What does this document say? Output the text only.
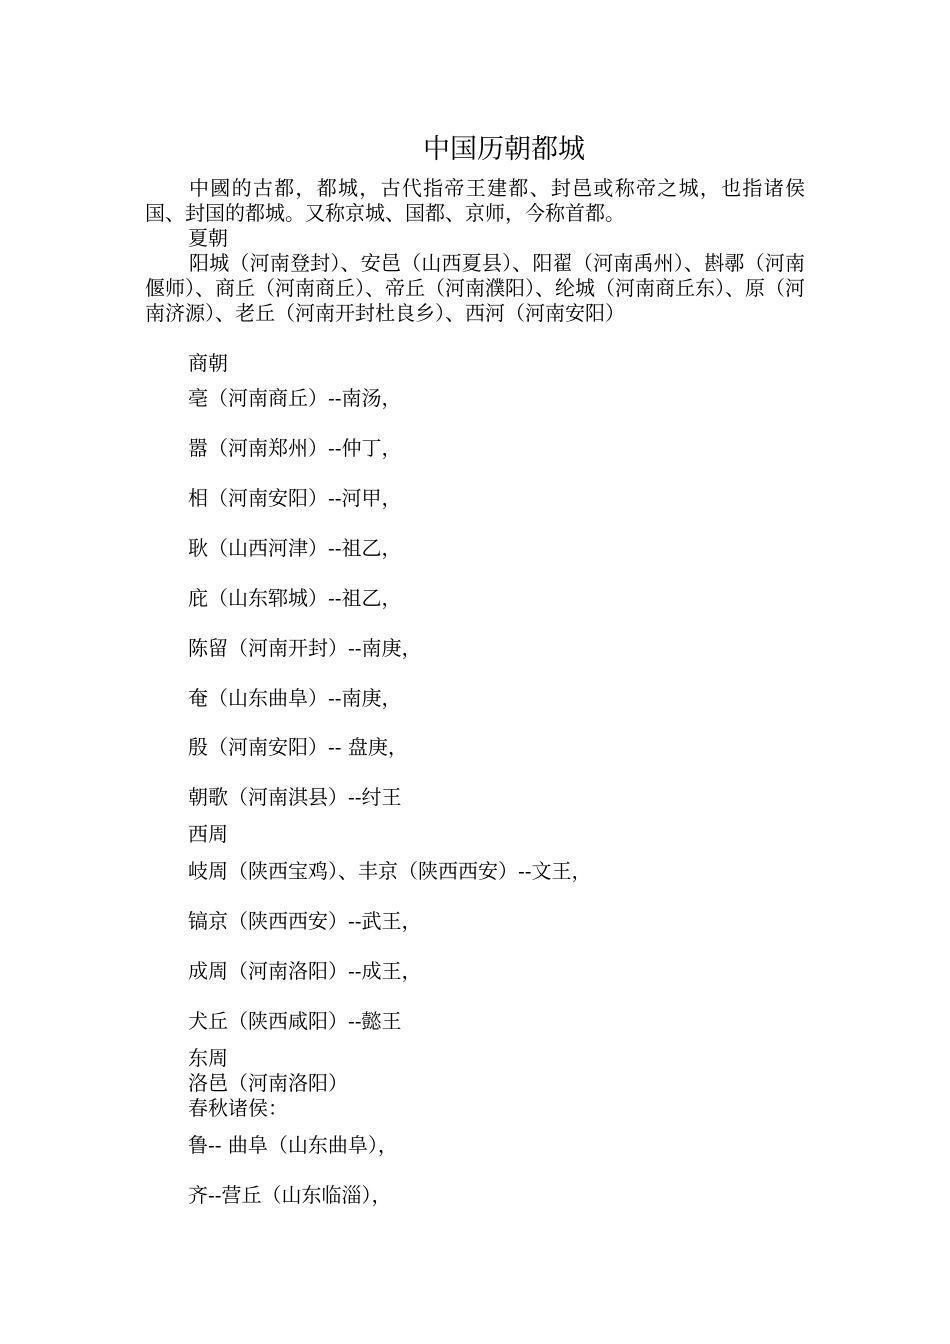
中国历朝都城

中國的古都，都城，古代指帝王建都、封邑或称帝之城，也指诸侯国、封国的都城。又称京城、国都、京师，今称首都。

夏朝

阳城（河南登封）、安邑（山西夏县）、阳翟（河南禹州）、斟鄩（河南偃师）、商丘（河南商丘）、帝丘（河南濮阳）、纶城（河南商丘东）、原（河南济源）、老丘（河南开封杜良乡）、西河（河南安阳）

商朝

亳（河南商丘）--南汤，

嚣（河南郑州）--仲丁，

相（河南安阳）--河甲，

耿（山西河津）--祖乙，

庇（山东郓城）--祖乙，

陈留（河南开封）--南庚，

奄（山东曲阜）--南庚，

殷（河南安阳）-- 盘庚，

朝歌（河南淇县）--纣王

西周

岐周（陕西宝鸡）、丰京（陕西西安）--文王，

镐京（陕西西安）--武王，

成周（河南洛阳）--成王，

犬丘（陕西咸阳）--懿王

东周

洛邑（河南洛阳）

春秋诸侯：

鲁-- 曲阜（山东曲阜），

齐--营丘（山东临淄），
